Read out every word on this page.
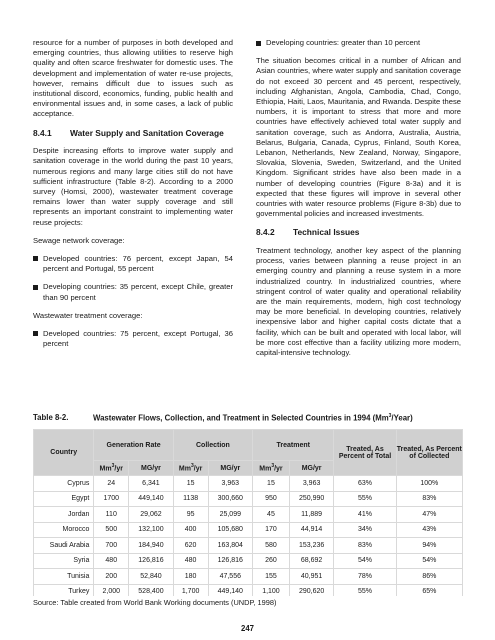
resource for a number of purposes in both developed and emerging countries, thus allowing utilities to reserve high quality and often scarce freshwater for domestic uses. The development and implementation of water re-use projects, however, remains difficult due to issues such as institutional discord, economics, funding, public health and environmental issues and, in some cases, a lack of public acceptance.

8.4.1	Water Supply and Sanitation Coverage

Despite increasing efforts to improve water supply and sanitation coverage in the world during the past 10 years, numerous regions and many large cities still do not have sufficient infrastructure (Table 8-2). According to a 2000 survey (Homsi, 2000), wastewater treatment coverage remains lower than water supply coverage and still represents an important constraint to implementing water reuse projects:

Sewage network coverage:

Developed countries: 76 percent, except Japan, 54 percent and Portugal, 55 percent
Developing countries: 35 percent, except Chile, greater than 90 percent

Wastewater treatment coverage:

Developed countries: 75 percent, except Portugal, 36 percent
Developing countries: greater than 10 percent

The situation becomes critical in a number of African and Asian countries, where water supply and sanitation coverage do not exceed 30 percent and 45 percent, respectively, including Afghanistan, Angola, Cambodia, Chad, Congo, Ethiopia, Haiti, Laos, Mauritania, and Rwanda. Despite these numbers, it is important to stress that more and more countries have effectively achieved total water supply and sanitation coverage, such as Andorra, Australia, Austria, Belarus, Bulgaria, Canada, Cyprus, Finland, South Korea, Lebanon, Netherlands, New Zealand, Norway, Singapore, Slovakia, Slovenia, Sweden, Switzerland, and the United Kingdom. Significant strides have also been made in a number of developing countries (Figure 8-3a) and it is expected that these figures will improve in several other countries with water resource problems (Figure 8-3b) due to governmental policies and increased investments.

8.4.2	Technical Issues

Treatment technology, another key aspect of the planning process, varies between planning a reuse project in an emerging country and planning a reuse system in a more industrialized country. In industrialized countries, where stringent control of water quality and operational reliability are the main requirements, modern, high cost technology may be more beneficial. In developing countries, relatively inexpensive labor and higher capital costs dictate that a facility, which can be built and operated with local labor, will be more cost effective than a facility utilizing more modern, capital-intensive technology.

Table 8-2.	Wastewater Flows, Collection, and Treatment in Selected Countries in 1994 (Mm$^3$/Year)
Country	Generation Rate		Collection		Treatment		Treated, As Percent of Total	Treated, As Percent of Collected
	Mm$^3$/yr	MG/yr	Mm$^3$/yr	MG/yr	Mm$^3$/yr	MG/yr		
Cyprus	24	6,341	15	3,963	15	3,963	63%	100%
Egypt	1700	449,140	1138	300,660	950	250,990	55%	83%
Jordan	110	29,062	95	25,099	45	11,889	41%	47%
Morocco	500	132,100	400	105,680	170	44,914	34%	43%
Saudi Arabia	700	184,940	620	163,804	580	153,236	83%	94%
Syria	480	126,816	480	126,816	260	68,692	54%	54%
Tunisia	200	52,840	180	47,556	155	40,951	78%	86%
Turkey	2,000	528,400	1,700	449,140	1,100	290,620	55%	65%
Source: Table created from World Bank Working documents (UNDP, 1998)
247
